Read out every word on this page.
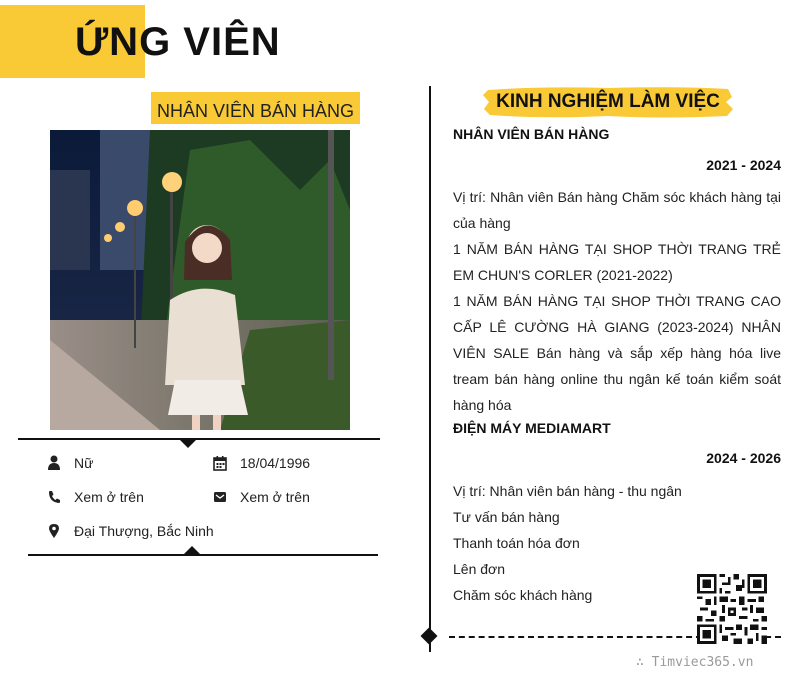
ỨNG VIÊN
NHÂN VIÊN BÁN HÀNG
Nữ	18/04/1996
Xem ở trên	Xem ở trên
Đại Thượng, Bắc Ninh
KINH NGHIỆM LÀM VIỆC
NHÂN VIÊN BÁN HÀNG
2021 - 2024

Vị trí: Nhân viên Bán hàng Chăm sóc khách hàng tại của hàng

1 NĂM BÁN HÀNG TẠI SHOP THỜI TRANG TRẺ EM CHUN'S CORLER (2021-2022)

1 NĂM BÁN HÀNG TẠI SHOP THỜI TRANG CAO CẤP LÊ CƯỜNG HÀ GIANG (2023-2024) NHÂN VIÊN SALE Bán hàng và sắp xếp hàng hóa live tream bán hàng online thu ngân kế toán kiểm soát hàng hóa

ĐIỆN MÁY MEDIAMART
2024 - 2026

Vị trí: Nhân viên bán hàng - thu ngân

Tư vấn bán hàng

Thanh toán hóa đơn

Lên đơn

Chăm sóc khách hàng

∴ Timviec365.vn
